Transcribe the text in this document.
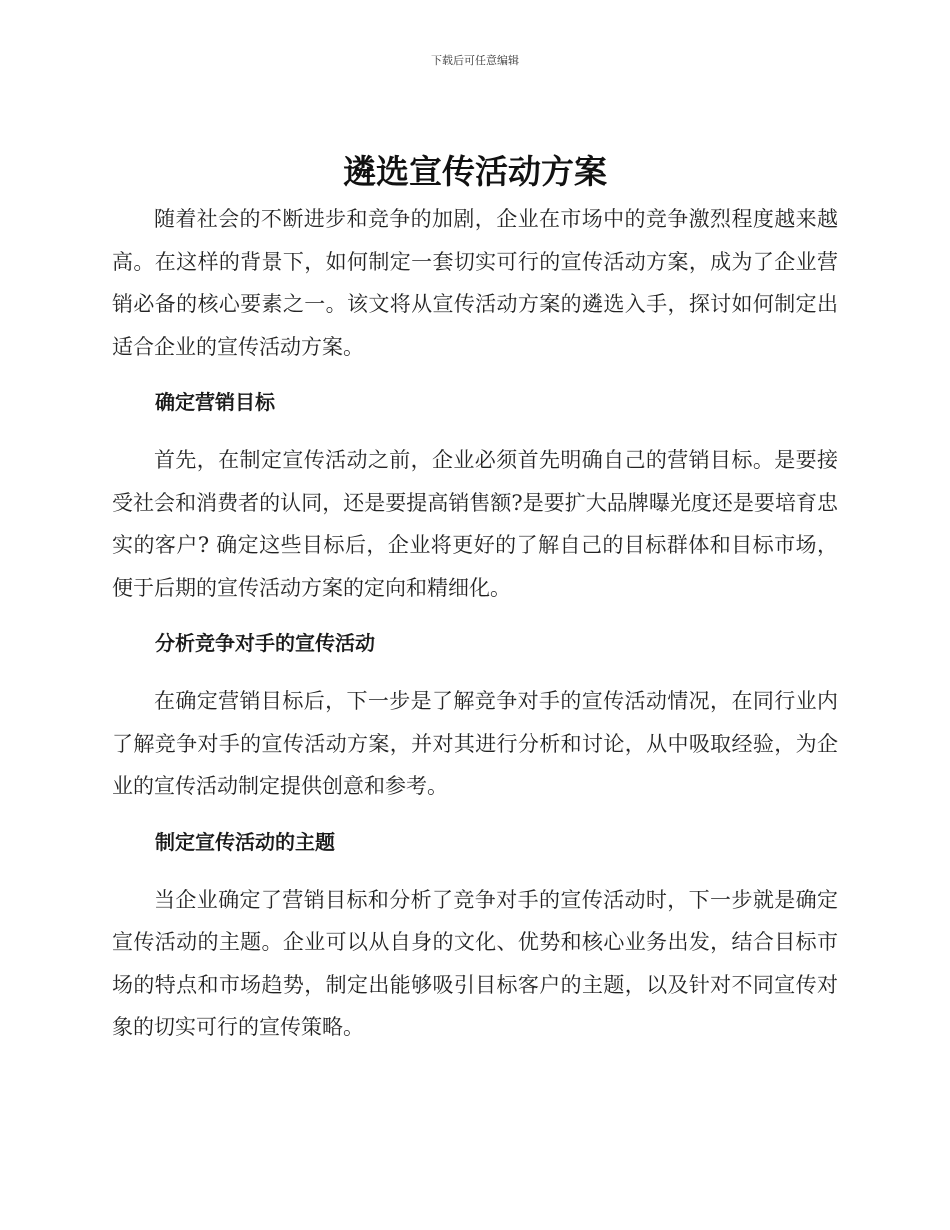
下载后可任意编辑
遴选宣传活动方案

随着社会的不断进步和竞争的加剧，企业在市场中的竞争激烈程度越来越高。在这样的背景下，如何制定一套切实可行的宣传活动方案，成为了企业营销必备的核心要素之一。该文将从宣传活动方案的遴选入手，探讨如何制定出适合企业的宣传活动方案。

确定营销目标

首先，在制定宣传活动之前，企业必须首先明确自己的营销目标。是要接受社会和消费者的认同，还是要提高销售额?是要扩大品牌曝光度还是要培育忠实的客户? 确定这些目标后，企业将更好的了解自己的目标群体和目标市场，便于后期的宣传活动方案的定向和精细化。

分析竞争对手的宣传活动

在确定营销目标后，下一步是了解竞争对手的宣传活动情况，在同行业内了解竞争对手的宣传活动方案，并对其进行分析和讨论，从中吸取经验，为企业的宣传活动制定提供创意和参考。

制定宣传活动的主题

当企业确定了营销目标和分析了竞争对手的宣传活动时，下一步就是确定宣传活动的主题。企业可以从自身的文化、优势和核心业务出发，结合目标市场的特点和市场趋势，制定出能够吸引目标客户的主题，以及针对不同宣传对象的切实可行的宣传策略。
